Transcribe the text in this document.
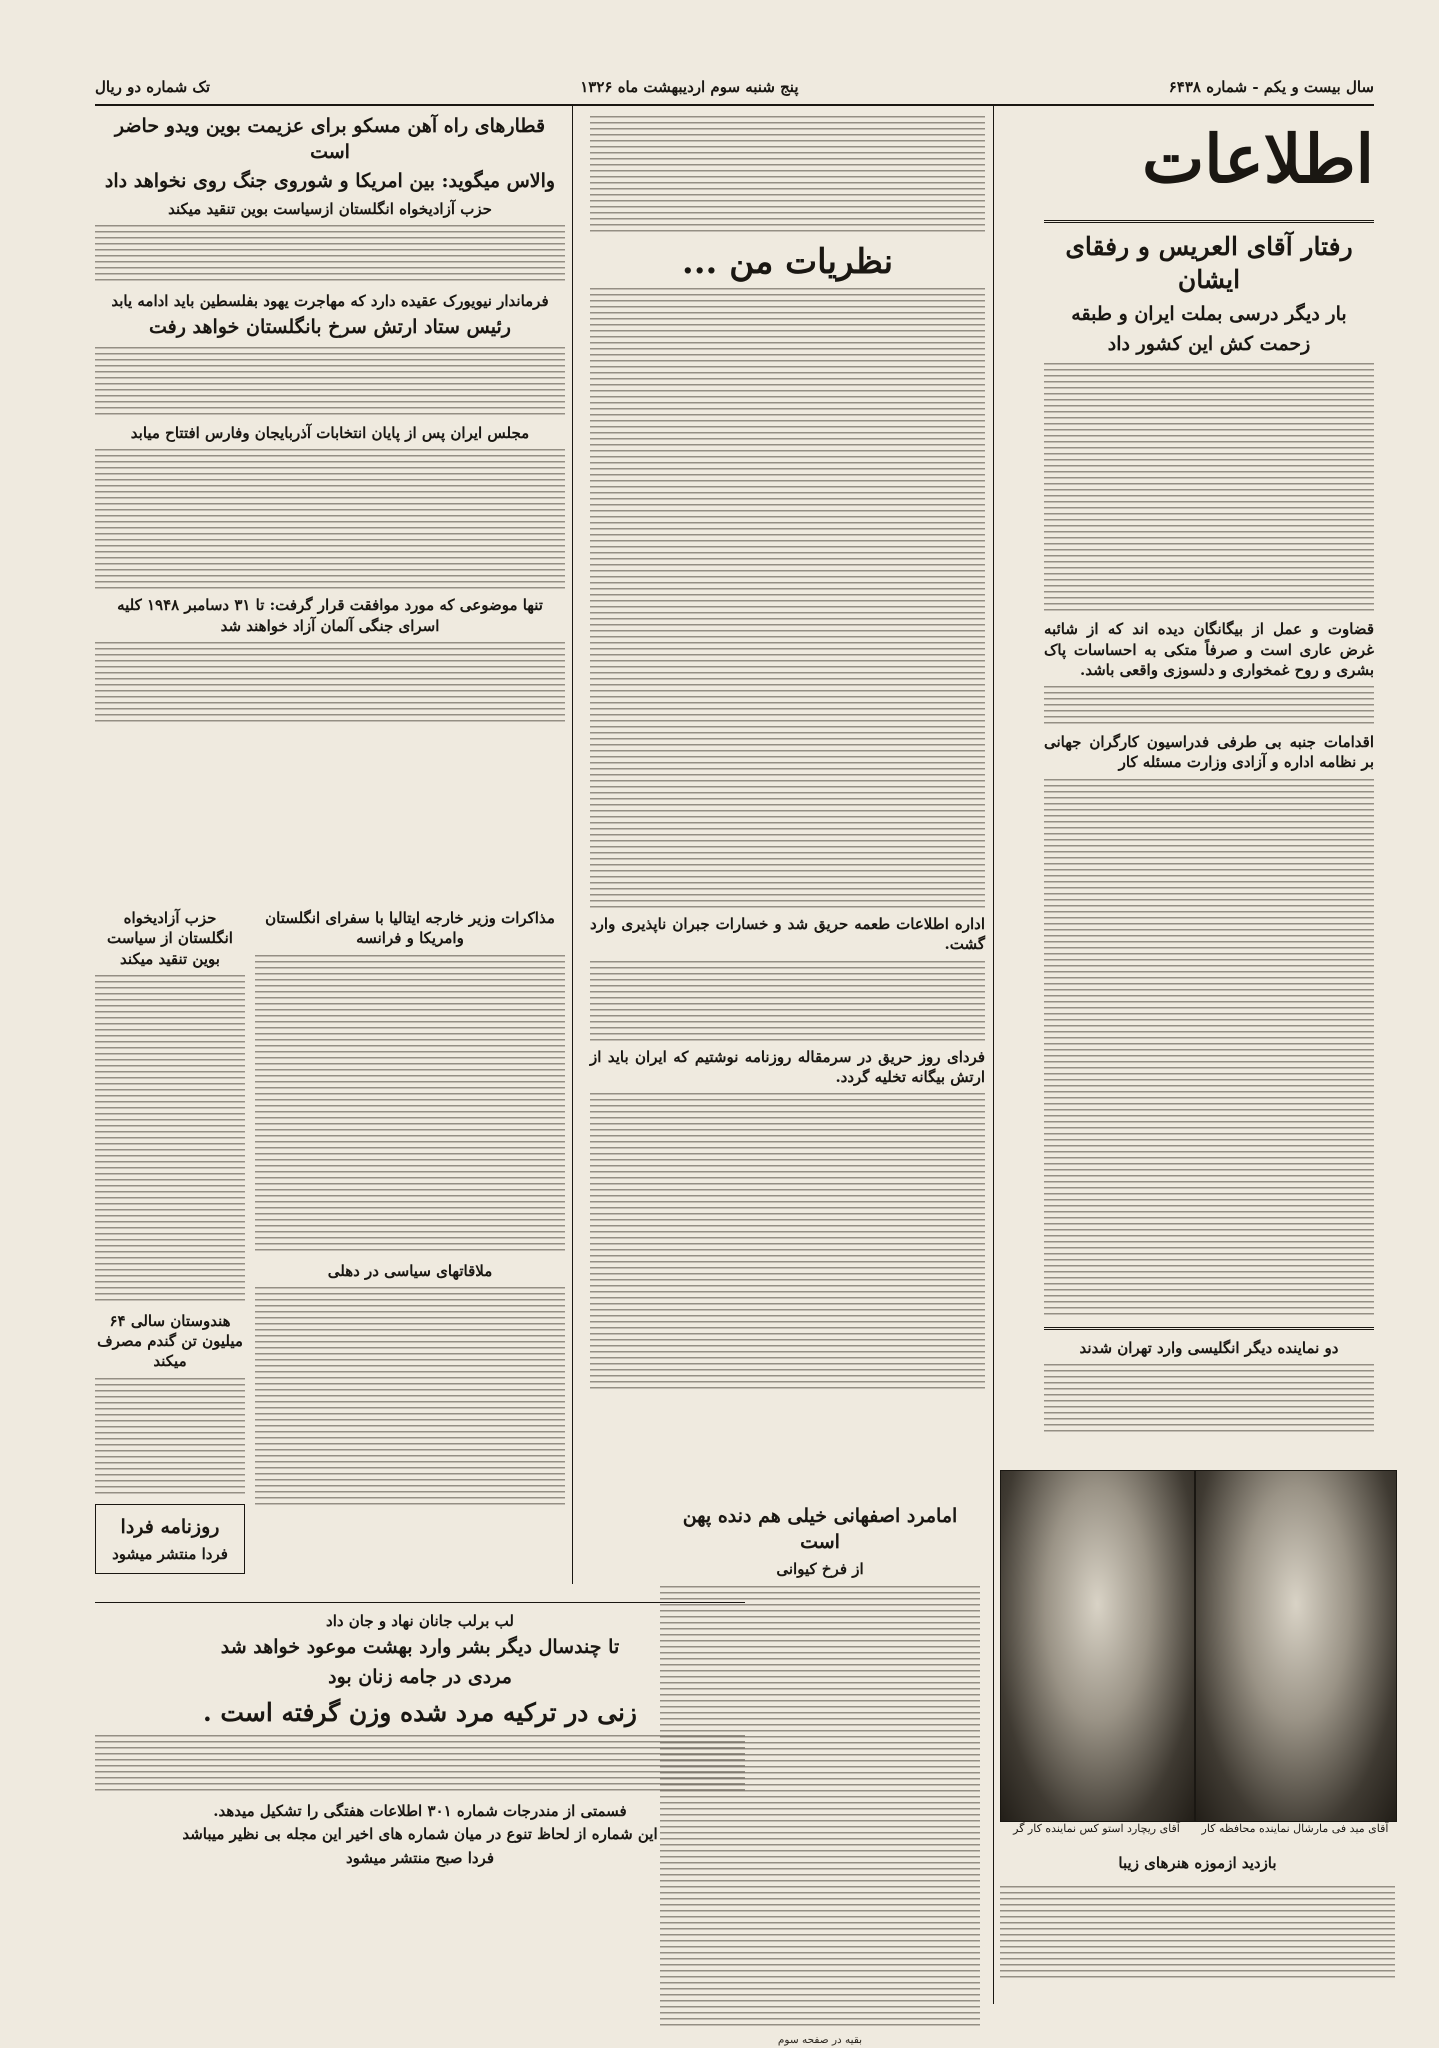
سال بیست و یکم - شماره ۶۴۳۸
پنج شنبه سوم اردیبهشت ماه ۱۳۲۶
تک شماره دو ریال
اطلاعات
رفتار آقای العریس و رفقای ایشان
بار دیگر درسی بملت ایران و طبقه
زحمت کش این کشور داد
قضاوت و عمل از بیگانگان دیده اند که از شائبه غرض عاری است و صرفاً متکی به احساسات پاک بشری و روح غمخواری و دلسوزی واقعی باشد.
اقدامات جنبه بی طرفی فدراسیون کارگران جهانی بر نظامه اداره و آزادی وزارت مسئله کار
دو نماینده دیگر انگلیسی وارد تهران شدند
آقای مید فی مارشال نماینده محافظه کار
آقای ریچارد استو کس نماینده کار گر
بازدید ازموزه هنرهای زیبا
نظریات من ...
اداره اطلاعات طعمه حریق شد و خسارات جبران ناپذیری وارد گشت.
فردای روز حریق در سرمقاله روزنامه نوشتیم که ایران باید از ارتش بیگانه تخلیه گردد.
قطارهای راه آهن مسکو برای عزیمت بوین ویدو حاضر است
والاس میگوید: بین امریکا و شوروی جنگ روی نخواهد داد
حزب آزادیخواه انگلستان ازسیاست بوین تنقید میکند
فرماندار نیویورک عقیده دارد که مهاجرت یهود بفلسطین باید ادامه یابد
رئیس ستاد ارتش سرخ بانگلستان خواهد رفت
مجلس ایران پس از پایان انتخابات آذربایجان وفارس افتتاح میابد
تنها موضوعی که مورد موافقت قرار گرفت: تا ۳۱ دسامبر ۱۹۴۸ کلیه اسرای جنگی آلمان آزاد خواهند شد
حزب آزادیخواه انگلستان از سیاست بوین تنقید میکند
هندوستان سالی ۶۴ میلیون تن گندم مصرف میکند
روزنامه فردا
فردا منتشر میشود
مذاکرات وزیر خارجه ایتالیا با سفرای انگلستان وامریکا و فرانسه
ملاقاتهای سیاسی در دهلی
لب برلب جانان نهاد و جان داد
تا چندسال دیگر بشر وارد بهشت موعود خواهد شد
مردی در جامه زنان بود
زنی در ترکیه مرد شده وزن گرفته است .
فسمتی از مندرجات شماره ۳۰۱ اطلاعات هفتگی را تشکیل میدهد.
این شماره از لحاظ تنوع در میان شماره های اخیر این مجله بی نظیر میباشد
فردا صبح منتشر میشود
امامرد اصفهانی خیلی هم دنده پهن است
از فرخ کیوانی
بقیه در صفحه سوم
